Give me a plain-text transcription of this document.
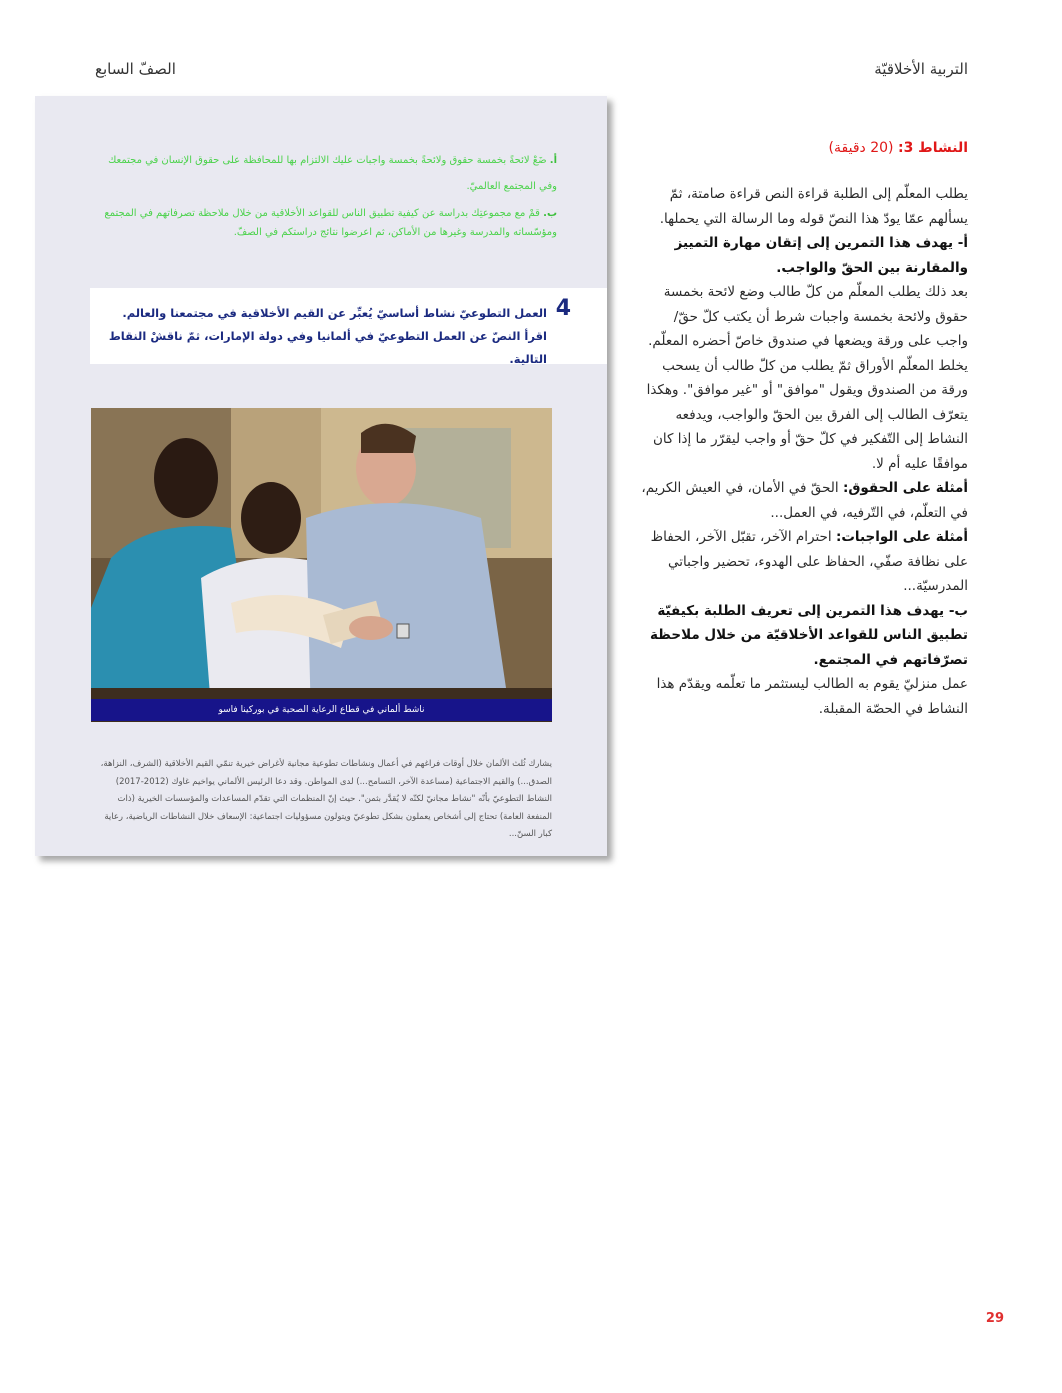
التربية الأخلاقيّة
الصفّ السابع
أ. ضَعْ لائحةً بخمسة حقوق ولائحةً بخمسة واجبات عليك الالتزام بها للمحافظة على حقوق الإنسان في مجتمعك
وفي المجتمع العالميّ.
ب. قمْ مع مجموعتِك بدراسة عن كيفية تطبيق الناس للقواعد الأخلاقية من خلال ملاحظة تصرفاتهم في المجتمع ومؤسّساته والمدرسة وغيرها من الأماكن، ثم اعرضوا نتائج دراستكم في الصفّ.
4
العمل التطوعيّ نشاط أساسيّ يُعبِّر عن القيم الأخلاقية في مجتمعنا والعالم. اقرأ النصّ عن العمل التطوعيّ في ألمانيا وفي دولة الإمارات، ثمّ ناقشْ النقاط التالية.
ناشط ألماني في قطاع الرعاية الصحية في بوركينا فاسو
يشارك ثُلث الألمان خلال أوقات فراغهم في أعمال ونشاطات تطوعية مجانية لأغراض خيرية تنمّي القيم الأخلاقية (الشرف، النزاهة، الصدق...) والقيم الاجتماعية (مساعدة الآخر، التسامح...) لدى المواطن. وقد دعا الرئيس الألماني يواخيم غاوك (2012-2017) النشاط التطوعيّ بأنّه "نشاط مجانيّ لكنّه لا يُقدَّر بثمن". حيث إنّ المنظمات التي تقدّم المساعدات والمؤسسات الخيرية (ذات المنفعة العامة) تحتاج إلى أشخاص يعملون بشكل تطوعيّ ويتولون مسؤوليات اجتماعية: الإسعاف خلال النشاطات الرياضية، رعاية كبار السنّ...
النشاط 3: (20 دقيقة)

يطلب المعلّم إلى الطلبة قراءة النص قراءة صامتة، ثمّ يسألهم عمّا يودّ هذا النصّ قوله وما الرسالة التي يحملها.

أ- يهدف هذا التمرين إلى إتقان مهارة التمييز والمقارنة بين الحقّ والواجب.

بعد ذلك يطلب المعلّم من كلّ طالب وضع لائحة بخمسة حقوق ولائحة بخمسة واجبات شرط أن يكتب كلّ حقّ/ واجب على ورقة ويضعها في صندوق خاصّ أحضره المعلّم. يخلط المعلّم الأوراق ثمّ يطلب من كلّ طالب أن يسحب ورقة من الصندوق ويقول "موافق" أو "غير موافق". وهكذا يتعرّف الطالب إلى الفرق بين الحقّ والواجب، ويدفعه النشاط إلى التّفكير في كلّ حقّ أو واجب ليقرّر ما إذا كان موافقًا عليه أم لا.

أمثلة على الحقوق: الحقّ في الأمان، في العيش الكريم، في التعلّم، في التّرفيه، في العمل...

أمثلة على الواجبات: احترام الآخر، تقبّل الآخر، الحفاظ على نظافة صفّي، الحفاظ على الهدوء، تحضير واجباتي المدرسيّة...

ب- يهدف هذا التمرين إلى تعريف الطلبة بكيفيّة تطبيق الناس للقواعد الأخلاقيّة من خلال ملاحظة تصرّفاتهم في المجتمع.

عمل منزليّ يقوم به الطالب ليستثمر ما تعلّمه ويقدّم هذا النشاط في الحصّة المقبلة.

29
